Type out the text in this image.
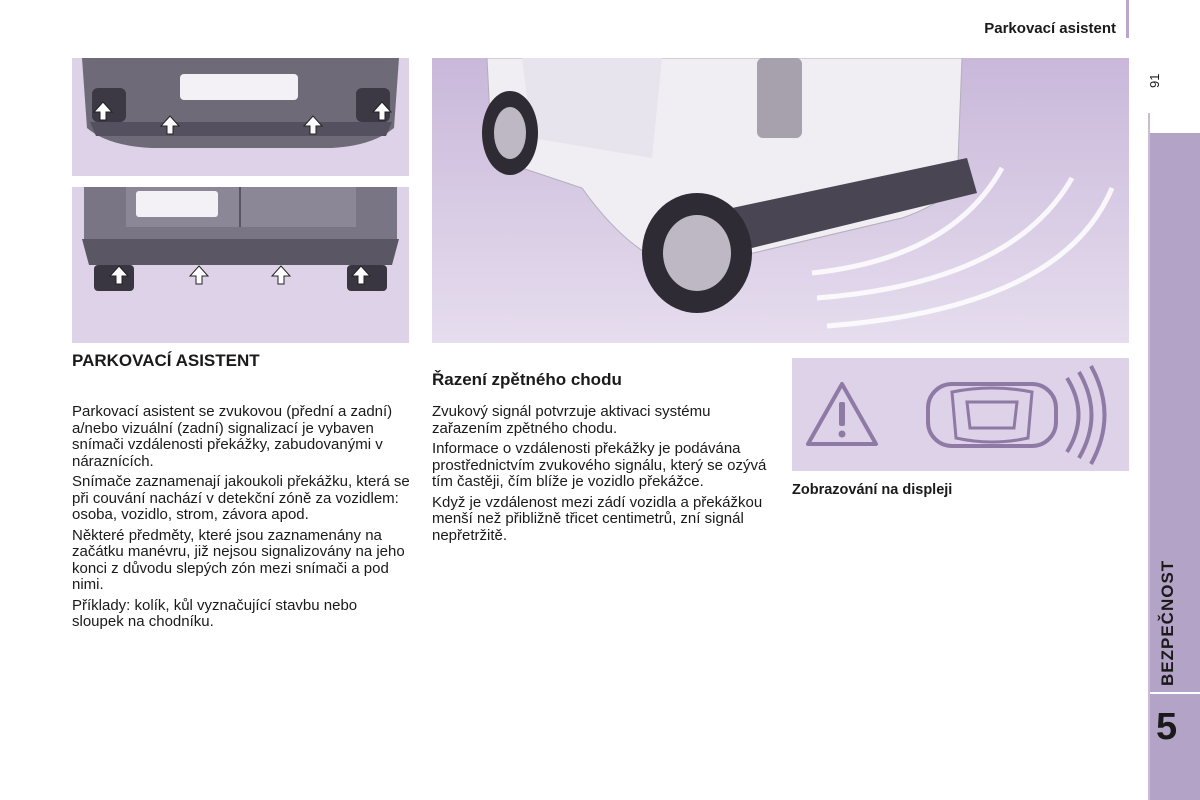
Parkovací asistent
91
BEZPEČNOST
5
PARKOVACÍ ASISTENT

Parkovací asistent se zvukovou (přední a zadní) a/nebo vizuální (zadní) signalizací je vybaven snímači vzdálenosti překážky, zabudovanými v náraznících.

Snímače zaznamenají jakoukoli překážku, která se při couvání nachází v detekční zóně za vozidlem: osoba, vozidlo, strom, závora apod.

Některé předměty, které jsou zaznamenány na začátku manévru, již nejsou signalizovány na jeho konci z důvodu slepých zón mezi snímači a pod nimi.

Příklady: kolík, kůl vyznačující stavbu nebo sloupek na chodníku.

Řazení zpětného chodu

Zvukový signál potvrzuje aktivaci systému zařazením zpětného chodu.

Informace o vzdálenosti překážky je podávána prostřednictvím zvukového signálu, který se ozývá tím častěji, čím blíže je vozidlo překážce.

Když je vzdálenost mezi zádí vozidla a překážkou menší než přibližně třicet centimetrů, zní signál nepřetržitě.

Zobrazování na displeji
